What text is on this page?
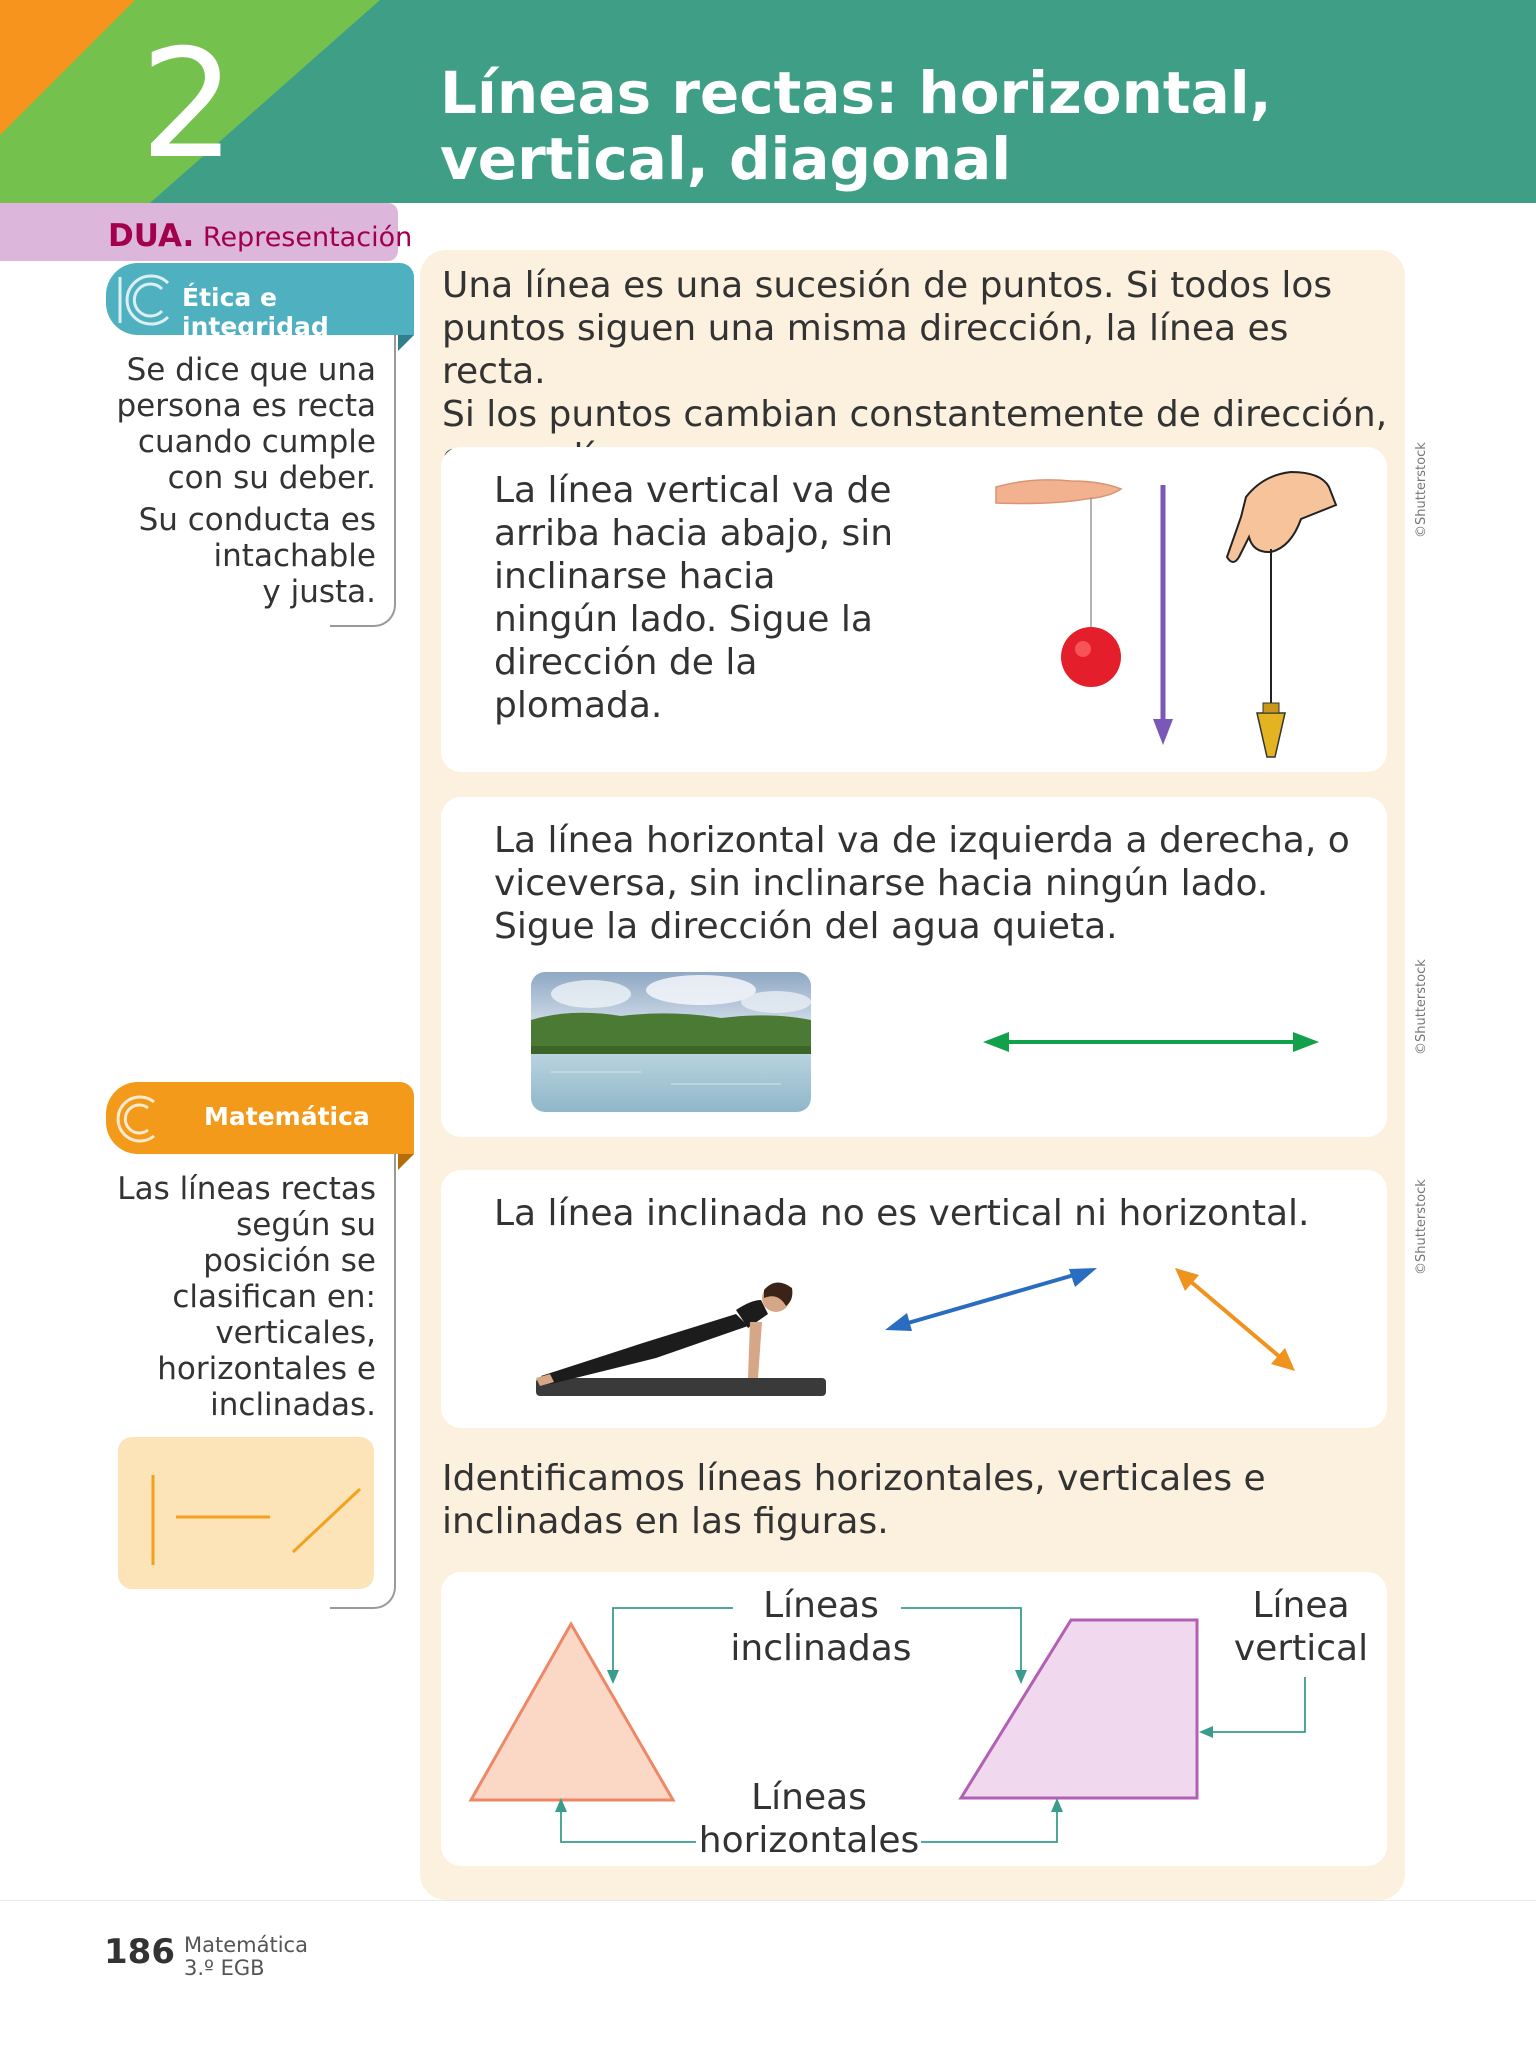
2	Líneas rectas: horizontal,
vertical, diagonal
DUA. Representación
Ética e integridad
Se dice que una
persona es recta
cuando cumple
con su deber.
Su conducta es
intachable
y justa.
Matemática
Las líneas rectas
según su
posición se
clasifican en:
verticales,
horizontales e
inclinadas.
Una línea es una sucesión de puntos. Si todos los
puntos siguen una misma dirección, la línea es recta.
Si los puntos cambian constantemente de dirección,
La línea vertical va de
arriba hacia abajo, sin
inclinarse hacia
ningún lado. Sigue la
dirección de la
plomada.
©Shutterstock
La línea horizontal va de izquierda a derecha, o
viceversa, sin inclinarse hacia ningún lado.
Sigue la dirección del agua quieta.
©Shutterstock
La línea inclinada no es vertical ni horizontal.	©Shutterstock
Identificamos líneas horizontales, verticales e
inclinadas en las figuras.
Líneas
inclinadas
Línea
vertical
Líneas
horizontales
186 Matemática
3.º EGB
